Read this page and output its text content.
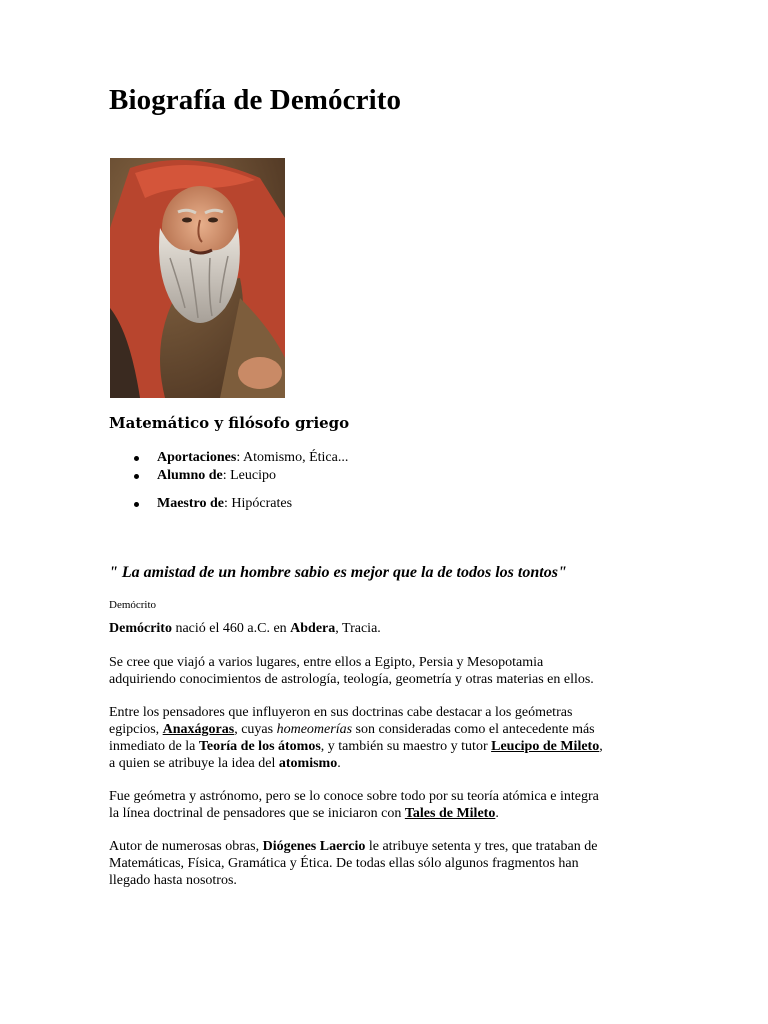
Biografía de Demócrito
Matemático y filósofo griego
Aportaciones: Atomismo, Ética...
Alumno de: Leucipo
Maestro de: Hipócrates

" La amistad de un hombre sabio es mejor que la de todos los tontos"

Demócrito

Demócrito nació el 460 a.C. en Abdera, Tracia.

Se cree que viajó a varios lugares, entre ellos a Egipto, Persia y Mesopotamia
adquiriendo conocimientos de astrología, teología, geometría y otras materias en ellos.

Entre los pensadores que influyeron en sus doctrinas cabe destacar a los geómetras
egipcios, Anaxágoras, cuyas homeomerías son consideradas como el antecedente más
inmediato de la Teoría de los átomos, y también su maestro y tutor Leucipo de Mileto,
a quien se atribuye la idea del atomismo.

Fue geómetra y astrónomo, pero se lo conoce sobre todo por su teoría atómica e integra
la línea doctrinal de pensadores que se iniciaron con Tales de Mileto.

Autor de numerosas obras, Diógenes Laercio le atribuye setenta y tres, que trataban de
Matemáticas, Física, Gramática y Ética. De todas ellas sólo algunos fragmentos han
llegado hasta nosotros.
